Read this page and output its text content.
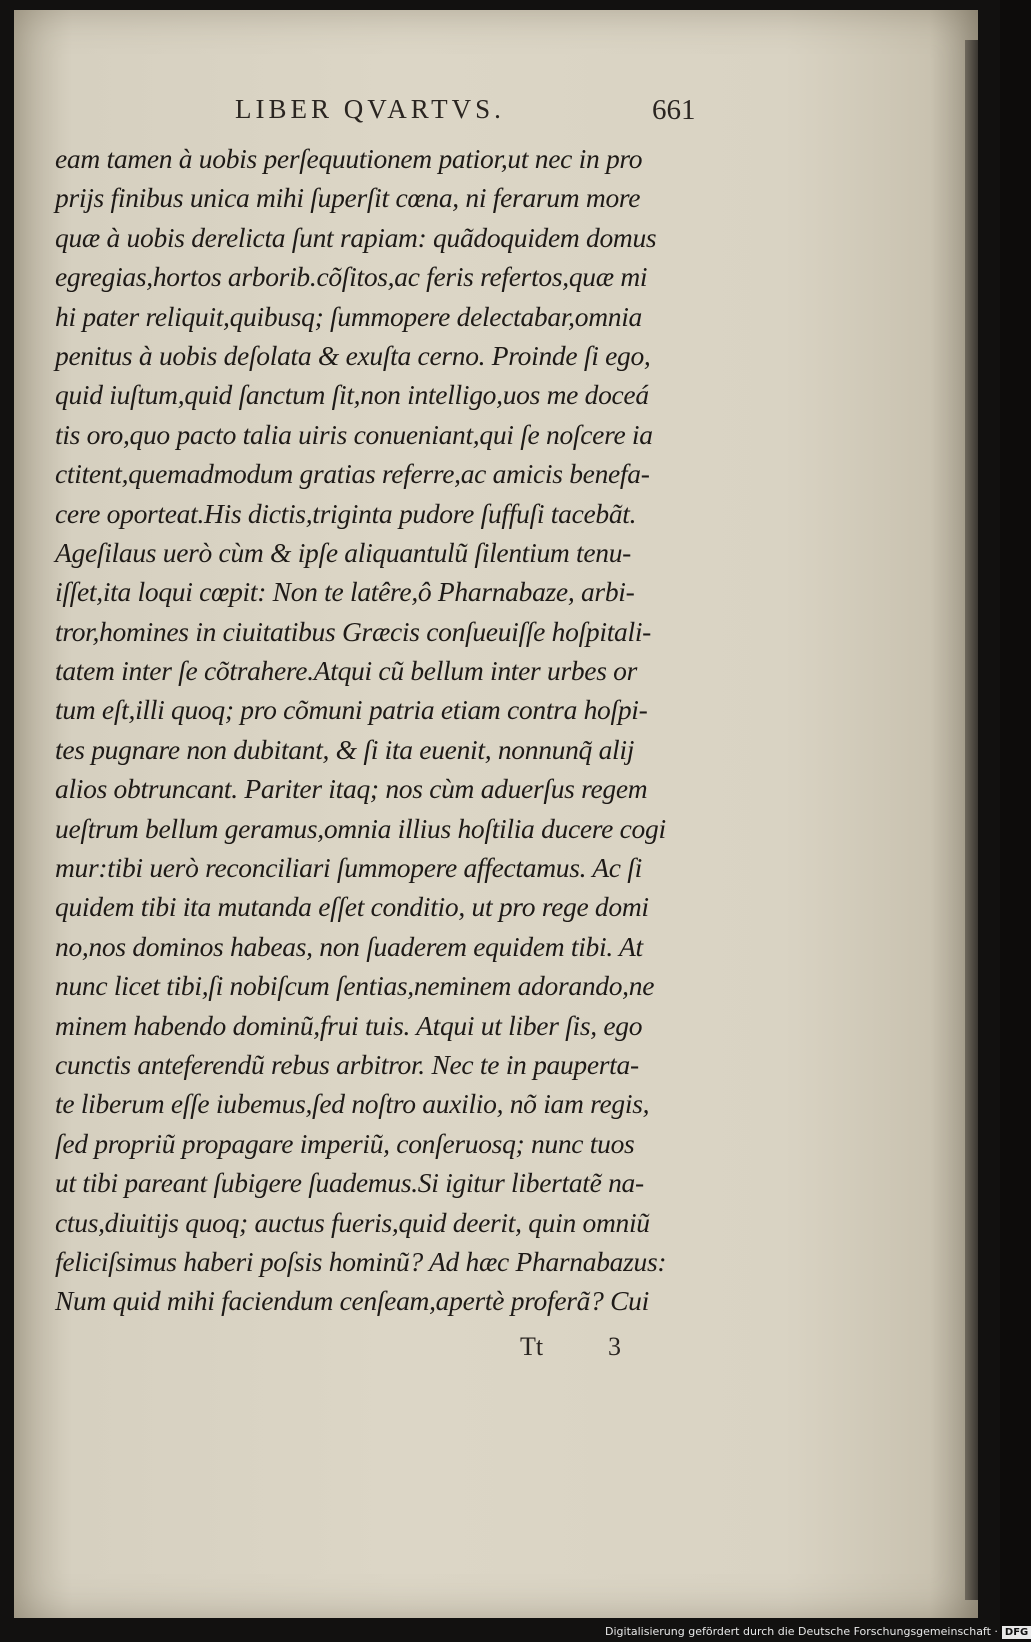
LIBER QVARTVS.	661
eam tamen à uobis perſequutionem patior,ut nec in pro
prijs finibus unica mihi ſuperſit cœna, ni ferarum more
quæ à uobis derelicta ſunt rapiam: quãdoquidem domus
egregias,hortos arborib.cõſitos,ac feris refertos,quæ mi
hi pater reliquit,quibusq; ſummopere delectabar,omnia
penitus à uobis deſolata & exuſta cerno. Proinde ſi ego,
quid iuſtum,quid ſanctum ſit,non intelligo,uos me doceá
tis oro,quo pacto talia uiris conueniant,qui ſe noſcere ia
ctitent,quemadmodum gratias referre,ac amicis benefa-
cere oporteat.His dictis,triginta pudore ſuffuſi tacebãt.
Ageſilaus uerò cùm & ipſe aliquantulũ ſilentium tenu-
iſſet,ita loqui cœpit: Non te latêre,ô Pharnabaze, arbi-
tror,homines in ciuitatibus Græcis conſueuiſſe hoſpitali-
tatem inter ſe cõtrahere.Atqui cũ bellum inter urbes or
tum eſt,illi quoq; pro cõmuni patria etiam contra hoſpi-
tes pugnare non dubitant, & ſi ita euenit, nonnunq̃ alij
alios obtruncant. Pariter itaq; nos cùm aduerſus regem
ueſtrum bellum geramus,omnia illius hoſtilia ducere cogi
mur:tibi uerò reconciliari ſummopere affectamus. Ac ſi
quidem tibi ita mutanda eſſet conditio, ut pro rege domi
no,nos dominos habeas, non ſuaderem equidem tibi. At
nunc licet tibi,ſi nobiſcum ſentias,neminem adorando,ne
minem habendo dominũ,frui tuis. Atqui ut liber ſis, ego
cunctis anteferendũ rebus arbitror. Nec te in pauperta-
te liberum eſſe iubemus,ſed noſtro auxilio, nõ iam regis,
ſed propriũ propagare imperiũ, conſeruosq; nunc tuos
ut tibi pareant ſubigere ſuademus.Si igitur libertatẽ na-
ctus,diuitijs quoq; auctus fueris,quid deerit, quin omniũ
feliciſsimus haberi poſsis hominũ? Ad hæc Pharnabazus:
Num quid mihi faciendum cenſeam,apertè proferã? Cui
Tt 3
Digitalisierung gefördert durch die Deutsche Forschungsgemeinschaft · DFG
